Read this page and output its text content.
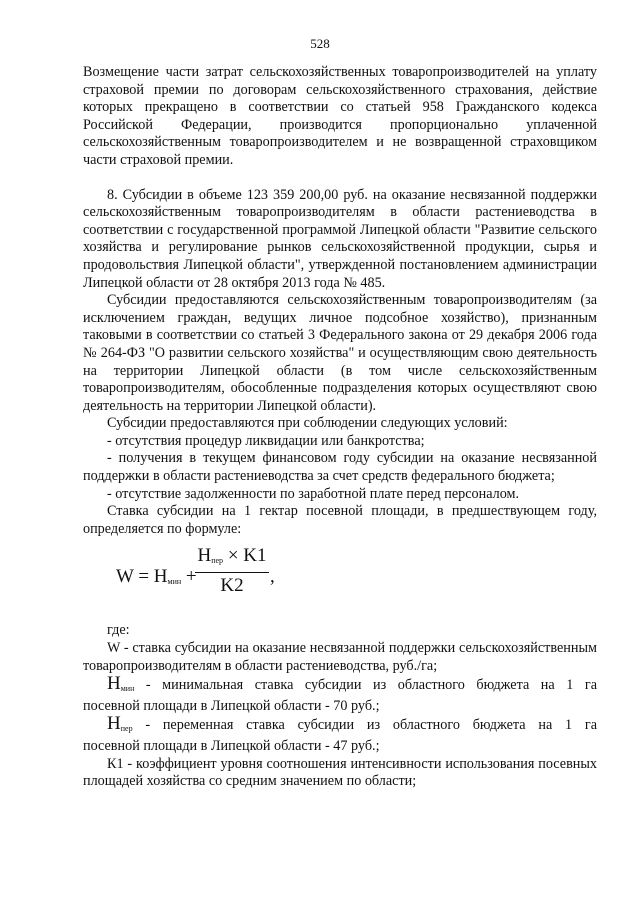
528

Возмещение части затрат сельскохозяйственных товаропроизводителей на уплату страховой премии по договорам сельскохозяйственного страхования, действие которых прекращено в соответствии со статьей 958 Гражданского кодекса Российской Федерации, производится пропорционально уплаченной сельскохозяйственным товаропроизводителем и не возвращенной страховщиком части страховой премии.

8. Субсидии в объеме 123 359 200,00 руб. на оказание несвязанной поддержки сельскохозяйственным товаропроизводителям в области растениеводства в соответствии с государственной программой Липецкой области "Развитие сельского хозяйства и регулирование рынков сельскохозяйственной продукции, сырья и продовольствия Липецкой области", утвержденной постановлением администрации Липецкой области от 28 октября 2013 года № 485.

Субсидии предоставляются сельскохозяйственным товаропроизводителям (за исключением граждан, ведущих личное подсобное хозяйство), признанным таковыми в соответствии со статьей 3 Федерального закона от 29 декабря 2006 года № 264-ФЗ "О развитии сельского хозяйства" и осуществляющим свою деятельность на территории Липецкой области (в том числе сельскохозяйственным товаропроизводителям, обособленные подразделения которых осуществляют свою деятельность на территории Липецкой области).

Субсидии предоставляются при соблюдении следующих условий:

- отсутствия процедур ликвидации или банкротства;

- получения в текущем финансовом году субсидии на оказание несвязанной поддержки в области растениеводства за счет средств федерального бюджета;

- отсутствие задолженности по заработной плате перед персоналом.

Ставка субсидии на 1 гектар посевной площади, в предшествующем году, определяется по формуле:

$W = H_{мин}$ +
$H_{пер} \times K1$
K2	,

где:

W - ставка субсидии на оказание несвязанной поддержки сельскохозяйственным товаропроизводителям в области растениеводства, руб./га;

$H_{мин}$ - минимальная ставка субсидии из областного бюджета на 1 га

посевной площади в Липецкой области - 70 руб.;

$H_{пер}$ - переменная ставка субсидии из областного бюджета на 1 га

посевной площади в Липецкой области - 47 руб.;

К1 - коэффициент уровня соотношения интенсивности использования посевных площадей хозяйства со средним значением по области;
